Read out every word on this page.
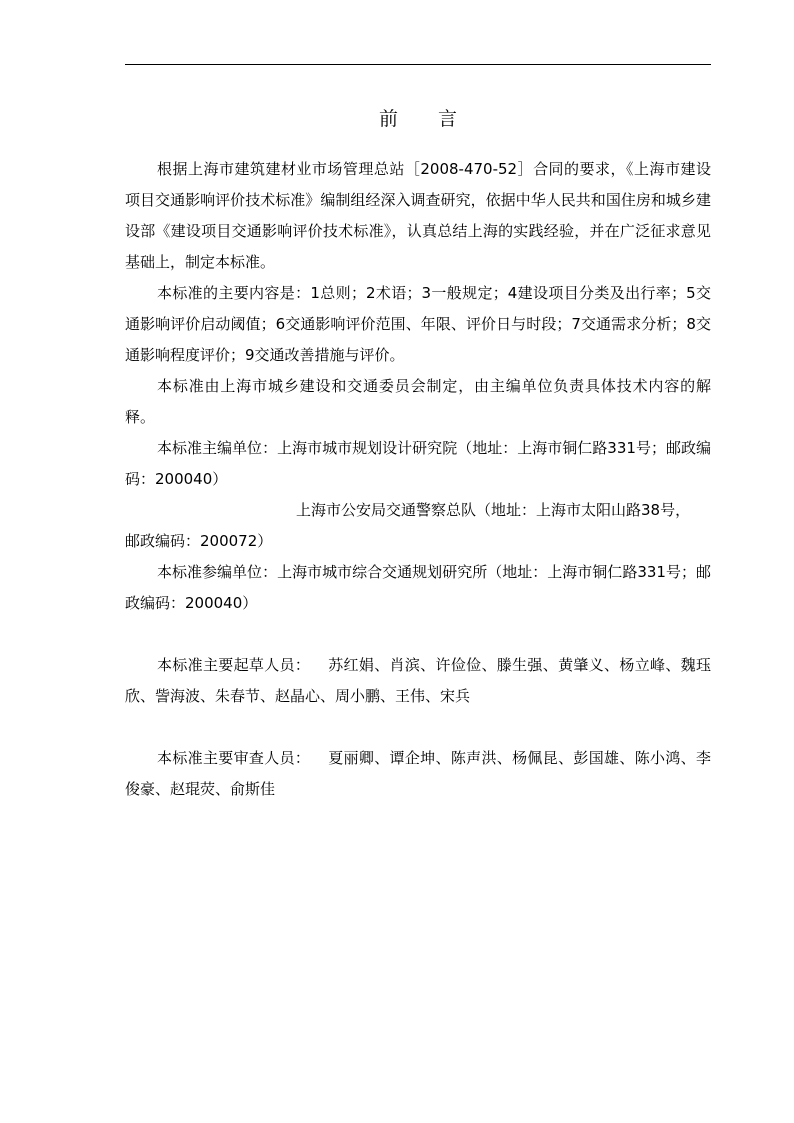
前 言

根据上海市建筑建材业市场管理总站［2008-470-52］合同的要求，《上海市建设项目交通影响评价技术标准》编制组经深入调查研究，依据中华人民共和国住房和城乡建设部《建设项目交通影响评价技术标准》，认真总结上海的实践经验，并在广泛征求意见基础上，制定本标准。

本标准的主要内容是：1总则；2术语；3一般规定；4建设项目分类及出行率；5交通影响评价启动阈值；6交通影响评价范围、年限、评价日与时段；7交通需求分析；8交通影响程度评价；9交通改善措施与评价。

本标准由上海市城乡建设和交通委员会制定，由主编单位负责具体技术内容的解释。

本标准主编单位：上海市城市规划设计研究院（地址：上海市铜仁路331号；邮政编码：200040）

上海市公安局交通警察总队（地址：上海市太阳山路38号，
邮政编码：200072）

本标准参编单位：上海市城市综合交通规划研究所（地址：上海市铜仁路331号；邮政编码：200040）

本标准主要起草人员： 苏红娟、肖滨、许俭俭、滕生强、黄肇义、杨立峰、魏珏欣、訾海波、朱春节、赵晶心、周小鹏、王伟、宋兵

本标准主要审查人员： 夏丽卿、谭企坤、陈声洪、杨佩昆、彭国雄、陈小鸿、李俊豪、赵琨荧、俞斯佳
